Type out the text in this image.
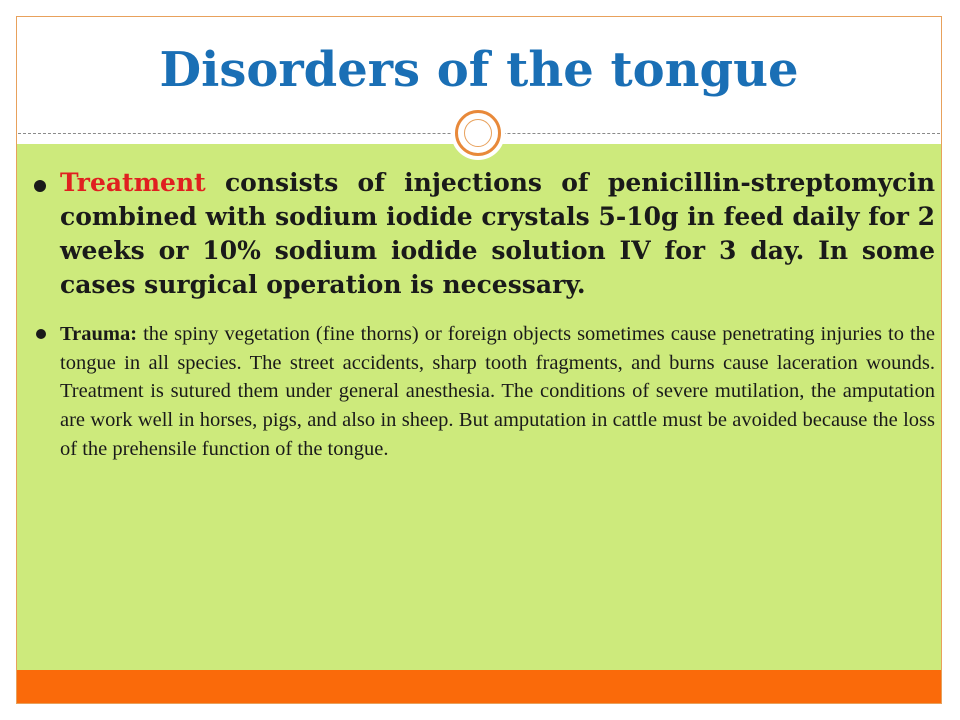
Disorders of the tongue
Treatment consists of injections of penicillin-streptomycin combined with sodium iodide crystals 5-10g in feed daily for 2 weeks or 10% sodium iodide solution IV for 3 day. In some cases surgical operation is necessary.
Trauma: the spiny vegetation (fine thorns) or foreign objects sometimes cause penetrating injuries to the tongue in all species. The street accidents, sharp tooth fragments, and burns cause laceration wounds. Treatment is sutured them under general anesthesia. The conditions of severe mutilation, the amputation are work well in horses, pigs, and also in sheep. But amputation in cattle must be avoided because the loss of the prehensile function of the tongue.
